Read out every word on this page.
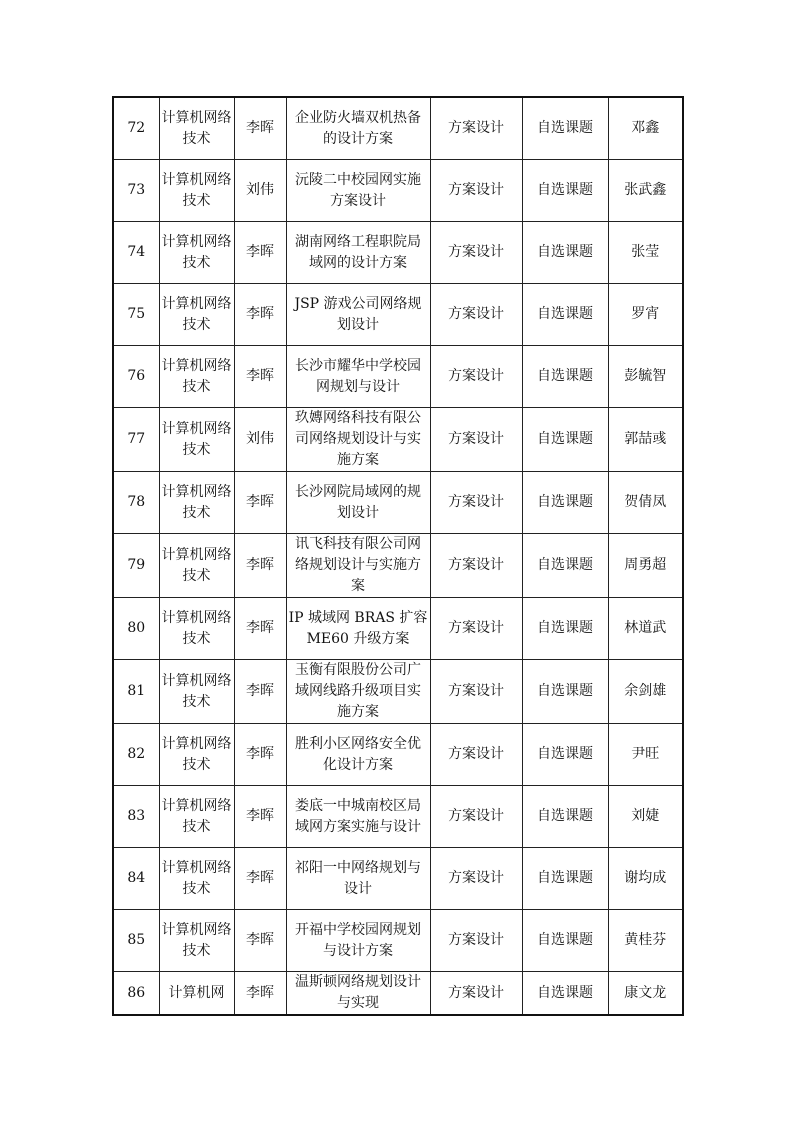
72	计算机网络技术	李晖	企业防火墙双机热备的设计方案	方案设计	自选课题	邓鑫
73	计算机网络技术	刘伟	沅陵二中校园网实施方案设计	方案设计	自选课题	张武鑫
74	计算机网络技术	李晖	湖南网络工程职院局域网的设计方案	方案设计	自选课题	张莹
75	计算机网络技术	李晖	JSP 游戏公司网络规划设计	方案设计	自选课题	罗宵
76	计算机网络技术	李晖	长沙市耀华中学校园网规划与设计	方案设计	自选课题	彭毓智
77	计算机网络技术	刘伟	玖嫥网络科技有限公司网络规划设计与实施方案	方案设计	自选课题	郭喆彧
78	计算机网络技术	李晖	长沙网院局域网的规划设计	方案设计	自选课题	贺倩凤
79	计算机网络技术	李晖	讯飞科技有限公司网络规划设计与实施方案	方案设计	自选课题	周勇超
80	计算机网络技术	李晖	IP 城域网 BRAS 扩容 ME60 升级方案	方案设计	自选课题	林道武
81	计算机网络技术	李晖	玉衡有限股份公司广域网线路升级项目实施方案	方案设计	自选课题	余剑雄
82	计算机网络技术	李晖	胜利小区网络安全优化设计方案	方案设计	自选课题	尹旺
83	计算机网络技术	李晖	娄底一中城南校区局域网方案实施与设计	方案设计	自选课题	刘婕
84	计算机网络技术	李晖	祁阳一中网络规划与设计	方案设计	自选课题	谢均成
85	计算机网络技术	李晖	开福中学校园网规划与设计方案	方案设计	自选课题	黄桂芬
86	计算机网	李晖	温斯顿网络规划设计与实现	方案设计	自选课题	康文龙
